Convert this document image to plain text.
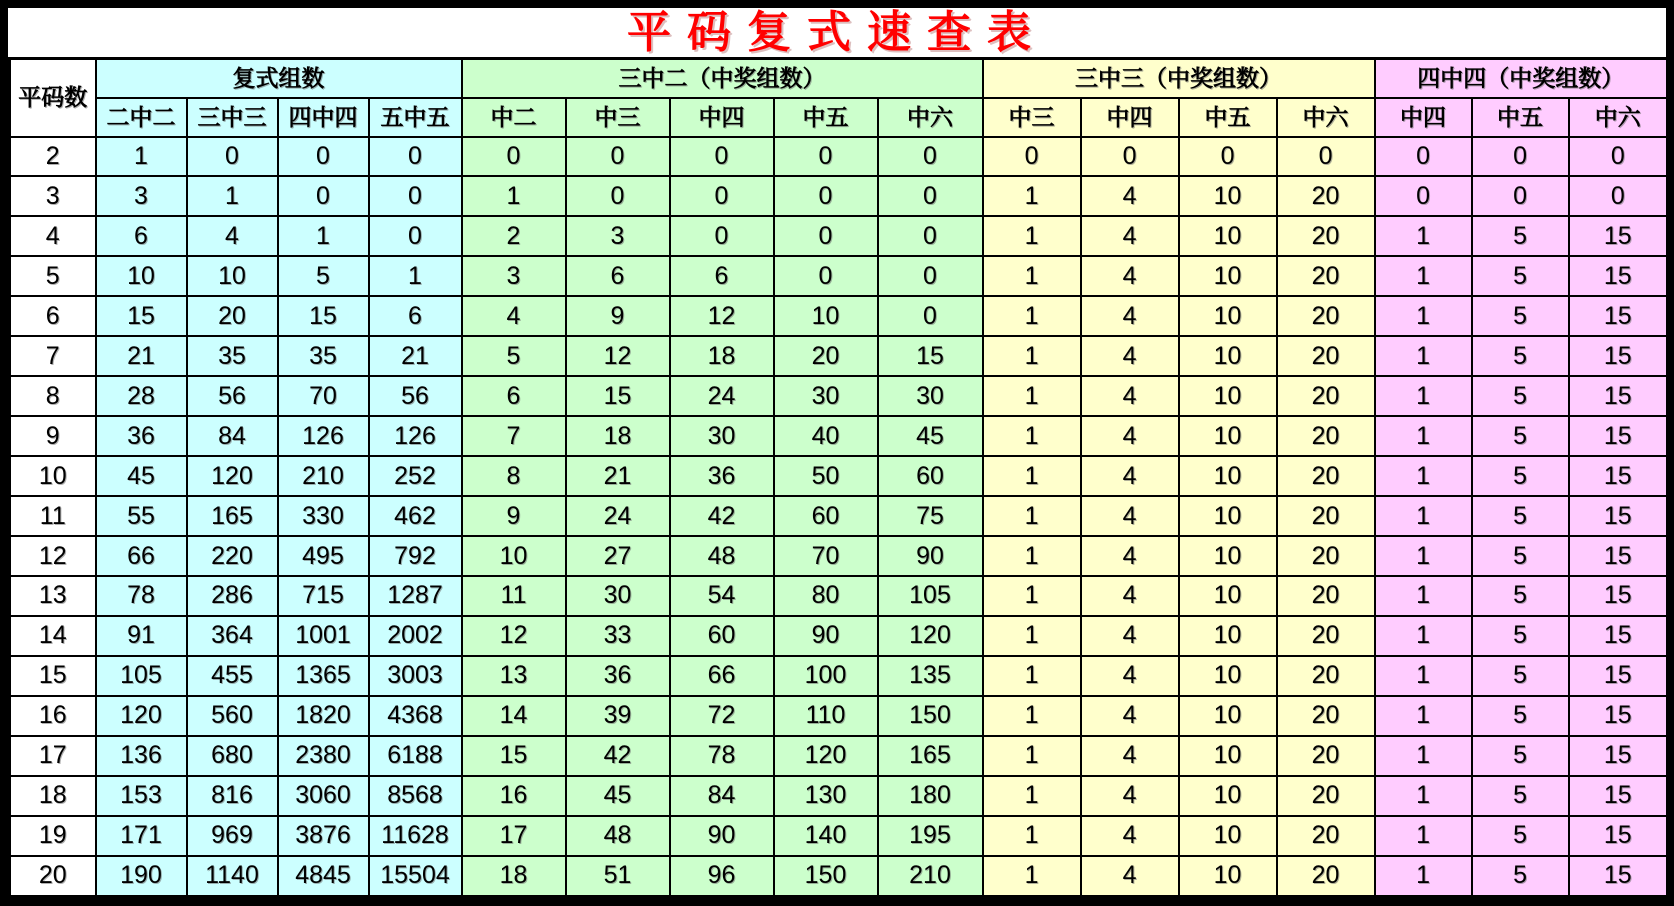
平码复式速查表
平码数	复式组数				三中二（中奖组数）					三中三（中奖组数）				四中四（中奖组数）		
	二中二	三中三	四中四	五中五	中二	中三	中四	中五	中六	中三	中四	中五	中六	中四	中五	中六
2	1	0	0	0	0	0	0	0	0	0	0	0	0	0	0	0
3	3	1	0	0	1	0	0	0	0	1	4	10	20	0	0	0
4	6	4	1	0	2	3	0	0	0	1	4	10	20	1	5	15
5	10	10	5	1	3	6	6	0	0	1	4	10	20	1	5	15
6	15	20	15	6	4	9	12	10	0	1	4	10	20	1	5	15
7	21	35	35	21	5	12	18	20	15	1	4	10	20	1	5	15
8	28	56	70	56	6	15	24	30	30	1	4	10	20	1	5	15
9	36	84	126	126	7	18	30	40	45	1	4	10	20	1	5	15
10	45	120	210	252	8	21	36	50	60	1	4	10	20	1	5	15
11	55	165	330	462	9	24	42	60	75	1	4	10	20	1	5	15
12	66	220	495	792	10	27	48	70	90	1	4	10	20	1	5	15
13	78	286	715	1287	11	30	54	80	105	1	4	10	20	1	5	15
14	91	364	1001	2002	12	33	60	90	120	1	4	10	20	1	5	15
15	105	455	1365	3003	13	36	66	100	135	1	4	10	20	1	5	15
16	120	560	1820	4368	14	39	72	110	150	1	4	10	20	1	5	15
17	136	680	2380	6188	15	42	78	120	165	1	4	10	20	1	5	15
18	153	816	3060	8568	16	45	84	130	180	1	4	10	20	1	5	15
19	171	969	3876	11628	17	48	90	140	195	1	4	10	20	1	5	15
20	190	1140	4845	15504	18	51	96	150	210	1	4	10	20	1	5	15
